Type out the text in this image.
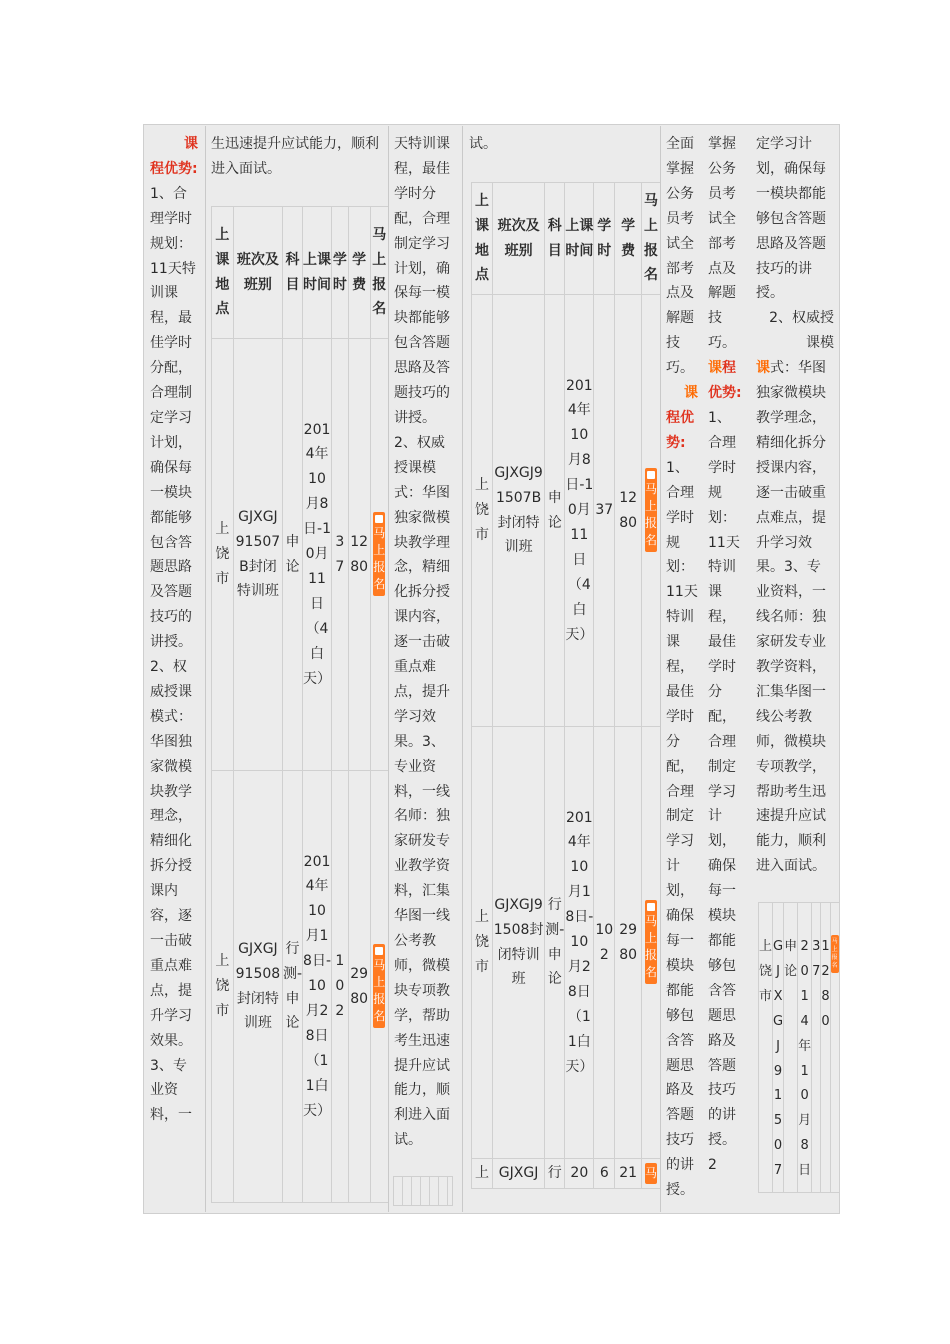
课
程优势:
1、合理学时规划：11天特训课程，最佳学时分配，合理制定学习计划，确保每一模块都能够包含答题思路及答题技巧的讲授。2、权威授课模式：华图独家微模块教学理念，精细化拆分授课内容，逐一击破重点难点，提升学习效果。3、专业资料，一
生迅速提升应试能力，顺利进入面试。
上课地点	班次及班别	科目	上课时间	学时	学费	马上报名
上饶市	GJXGJ91507B封闭特训班	申论	2014年10月8日-10月11日（4白天）	37	1280	马上报名
上饶市	GJXGJ91508封闭特训班	行测-申论	2014年10月18日-10月28日（11白天）	102	2980	马上报名
天特训课程，最佳学时分配，合理制定学习计划，确保每一模块都能够包含答题思路及答题技巧的讲授。2、权威授课模式：华图独家微模块教学理念，精细化拆分授课内容，逐一击破重点难点，提升学习效果。3、专业资料，一线名师：独家研发专业教学资料，汇集华图一线公考教师，微模块专项教学，帮助考生迅速提升应试能力，顺利进入面试。
试。
上课地点	班次及班别	科目	上课时间	学时	学费	马上报名
上饶市	GJXGJ91507B封闭特训班	申论	2014年10月8日-10月11日（4白天）	37	1280	马上报名
上饶市	GJXGJ91508封闭特训班	行测-申论	2014年10月18日-10月28日（11白天）	102	2980	马上报名
上	GJXGJ	行	20	6	21	马
全面掌握公务员考试全部考点及解题技巧。
课
程优势:
1、合理学时规划：11天特训课程，最佳学时分配，合理制定学习计划，确保每一模块都能够包含答题思路及答题技巧的讲授。
掌握公务员考试全部考点及解题技巧。
课程优势:
1、合理学时规划：11天特训课程，最佳学时分配，合理制定学习计划，确保每一模块都能够包含答题思路及答题技巧的讲授。2
定学习计划，确保每一模块都能够包含答题思路及答题技巧的讲授。
2、权威授课模
课式：华图独家微模块教学理念，精细化拆分授课内容，逐一击破重点难点，提升学习效果。3、专业资料，一线名师：独家研发专业教学资料，汇集华图一线公考教师，微模块专项教学，帮助考生迅速提升应试能力，顺利进入面试。
上饶市	GJXGJ91507	申论	2014年10月8日	37	1280	马上报名
